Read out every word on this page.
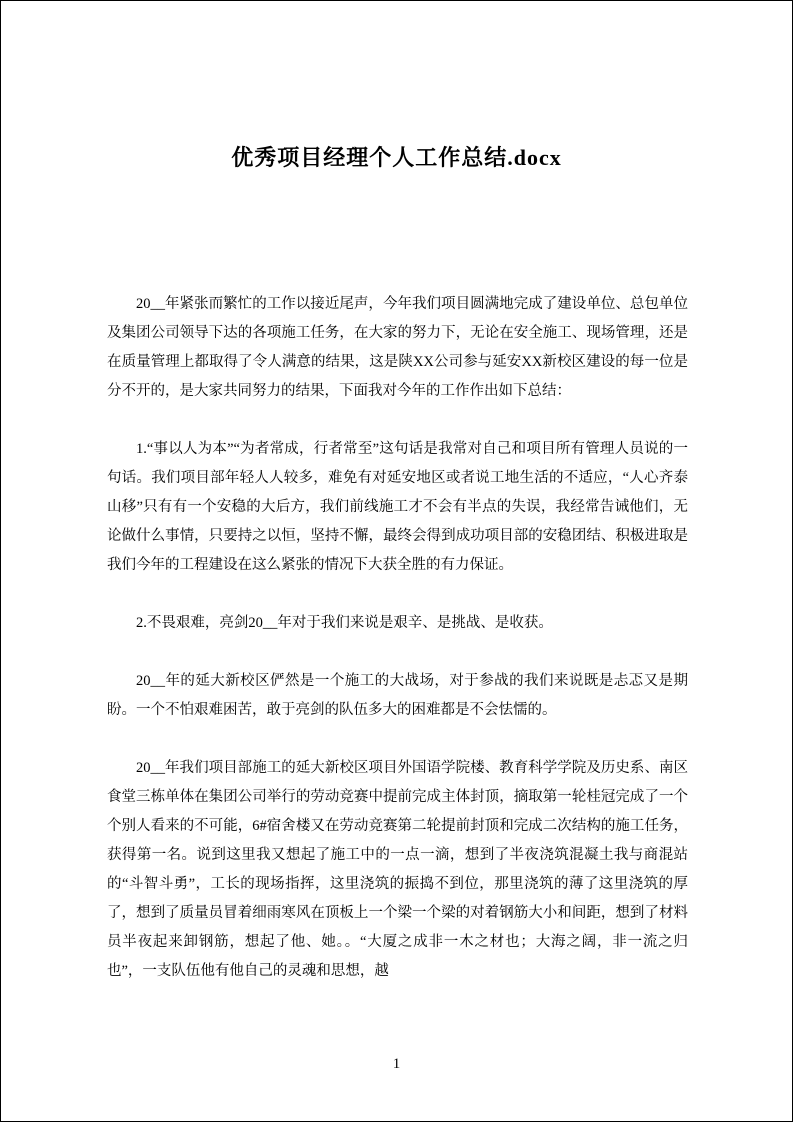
优秀项目经理个人工作总结.docx

20__年紧张而繁忙的工作以接近尾声，今年我们项目圆满地完成了建设单位、总包单位及集团公司领导下达的各项施工任务，在大家的努力下，无论在安全施工、现场管理，还是在质量管理上都取得了令人满意的结果，这是陕XX公司参与延安XX新校区建设的每一位是分不开的，是大家共同努力的结果，下面我对今年的工作作出如下总结：

1.“事以人为本”“为者常成，行者常至”这句话是我常对自己和项目所有管理人员说的一句话。我们项目部年轻人人较多，难免有对延安地区或者说工地生活的不适应，“人心齐泰山移”只有有一个安稳的大后方，我们前线施工才不会有半点的失误，我经常告诫他们，无论做什么事情，只要持之以恒，坚持不懈，最终会得到成功项目部的安稳团结、积极进取是我们今年的工程建设在这么紧张的情况下大获全胜的有力保证。

2.不畏艰难，亮剑20__年对于我们来说是艰辛、是挑战、是收获。

20__年的延大新校区俨然是一个施工的大战场，对于参战的我们来说既是忐忑又是期盼。一个不怕艰难困苦，敢于亮剑的队伍多大的困难都是不会怯懦的。

20__年我们项目部施工的延大新校区项目外国语学院楼、教育科学学院及历史系、南区食堂三栋单体在集团公司举行的劳动竞赛中提前完成主体封顶，摘取第一轮桂冠完成了一个个别人看来的不可能，6#宿舍楼又在劳动竞赛第二轮提前封顶和完成二次结构的施工任务，获得第一名。说到这里我又想起了施工中的一点一滴，想到了半夜浇筑混凝土我与商混站的“斗智斗勇”，工长的现场指挥，这里浇筑的振捣不到位，那里浇筑的薄了这里浇筑的厚了，想到了质量员冒着细雨寒风在顶板上一个梁一个梁的对着钢筋大小和间距，想到了材料员半夜起来卸钢筋，想起了他、她。。“大厦之成非一木之材也；大海之阔，非一流之归也”，一支队伍他有他自己的灵魂和思想，越

1
